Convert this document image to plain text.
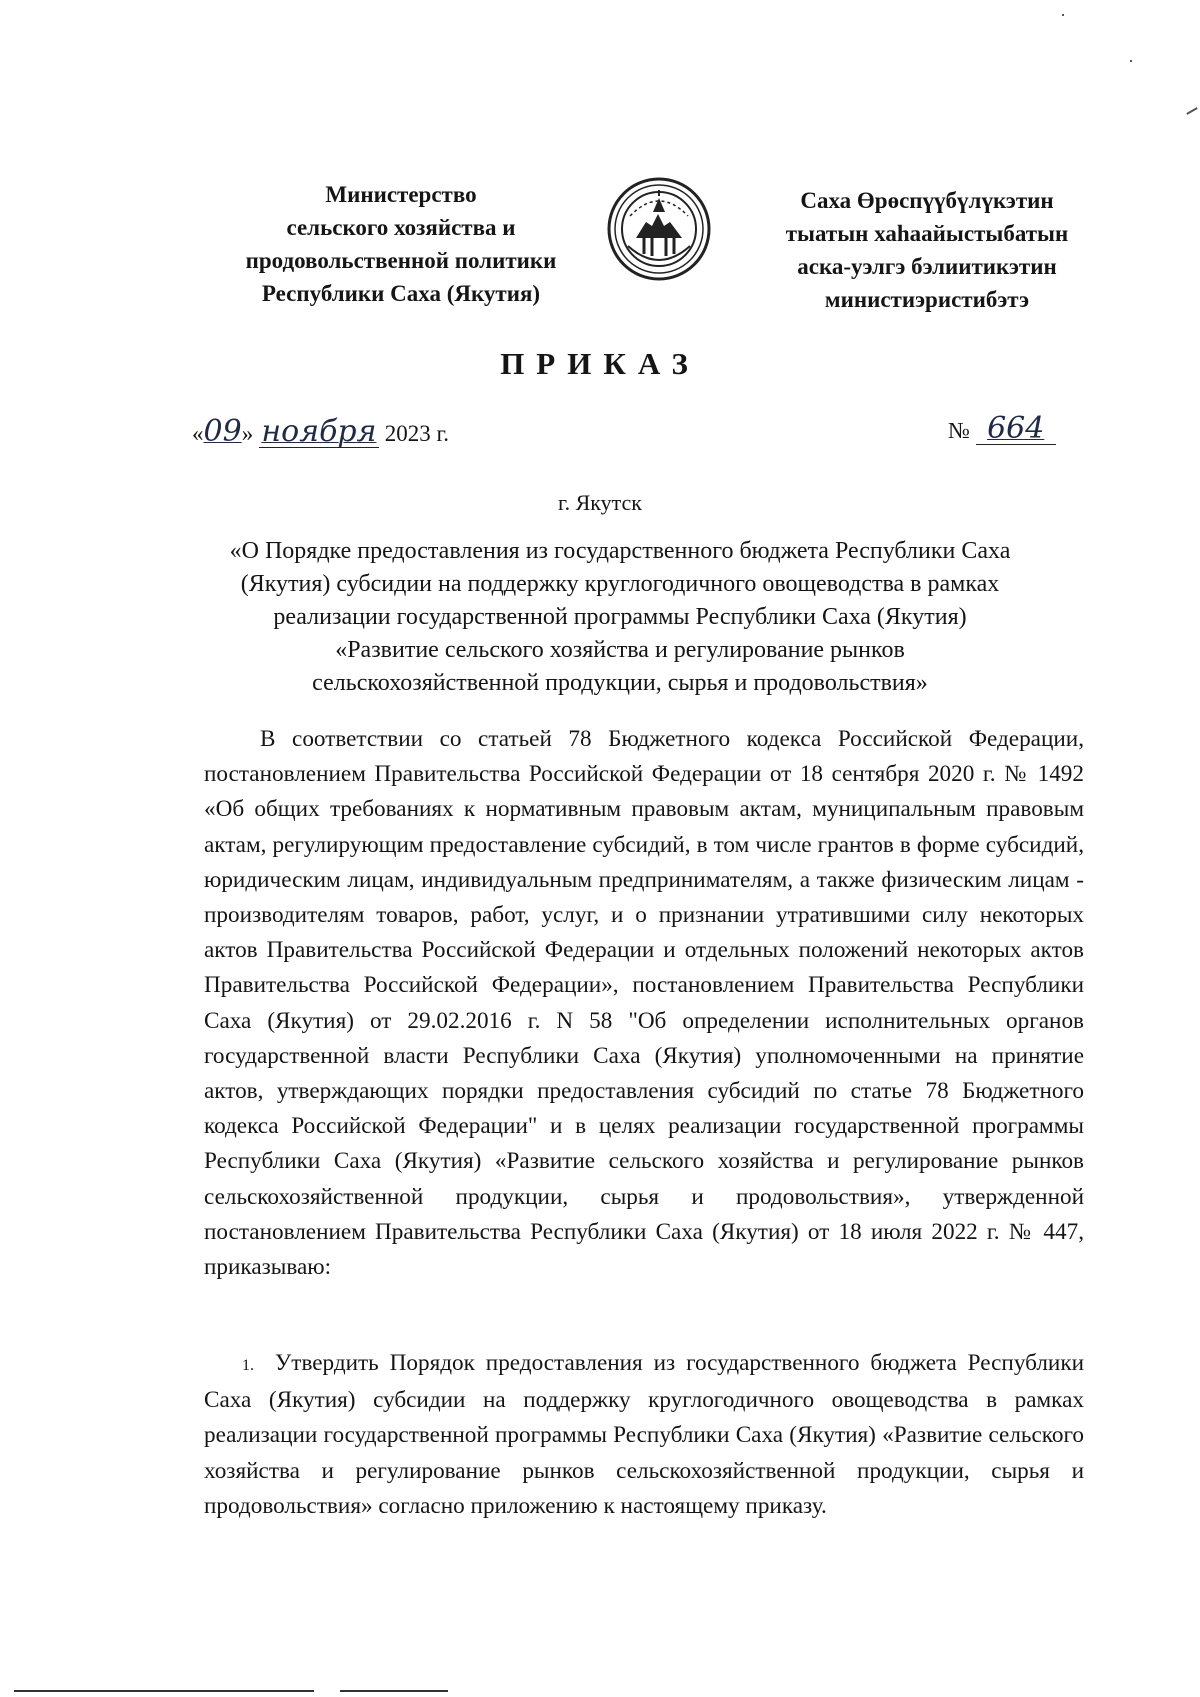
Министерство
сельского хозяйства и
продовольственной политики
Республики Саха (Якутия)
Саха Өрөспүүбүлүкэтин
тыатын хаһаайыстыбатын
аска-уэлгэ бэлиитикэтин
министиэристибэтэ
ПРИКАЗ
«09» ноября 2023 г.	№ 664
г. Якутск
«О Порядке предоставления из государственного бюджета Республики Саха
(Якутия) субсидии на поддержку круглогодичного овощеводства в рамках
реализации государственной программы Республики Саха (Якутия)
«Развитие сельского хозяйства и регулирование рынков
сельскохозяйственной продукции, сырья и продовольствия»
В соответствии со статьей 78 Бюджетного кодекса Российской Федерации, постановлением Правительства Российской Федерации от 18 сентября 2020 г. № 1492 «Об общих требованиях к нормативным правовым актам, муниципальным правовым актам, регулирующим предоставление субсидий, в том числе грантов в форме субсидий, юридическим лицам, индивидуальным предпринимателям, а также физическим лицам - производителям товаров, работ, услуг, и о признании утратившими силу некоторых актов Правительства Российской Федерации и отдельных положений некоторых актов Правительства Российской Федерации», постановлением Правительства Республики Саха (Якутия) от 29.02.2016 г. N 58 "Об определении исполнительных органов государственной власти Республики Саха (Якутия) уполномоченными на принятие актов, утверждающих порядки предоставления субсидий по статье 78 Бюджетного кодекса Российской Федерации" и в целях реализации государственной программы Республики Саха (Якутия) «Развитие сельского хозяйства и регулирование рынков сельскохозяйственной продукции, сырья и продовольствия», утвержденной постановлением Правительства Республики Саха (Якутия) от 18 июля 2022 г. № 447, приказываю:
1. Утвердить Порядок предоставления из государственного бюджета Республики Саха (Якутия) субсидии на поддержку круглогодичного овощеводства в рамках реализации государственной программы Республики Саха (Якутия) «Развитие сельского хозяйства и регулирование рынков сельскохозяйственной продукции, сырья и продовольствия» согласно приложению к настоящему приказу.
